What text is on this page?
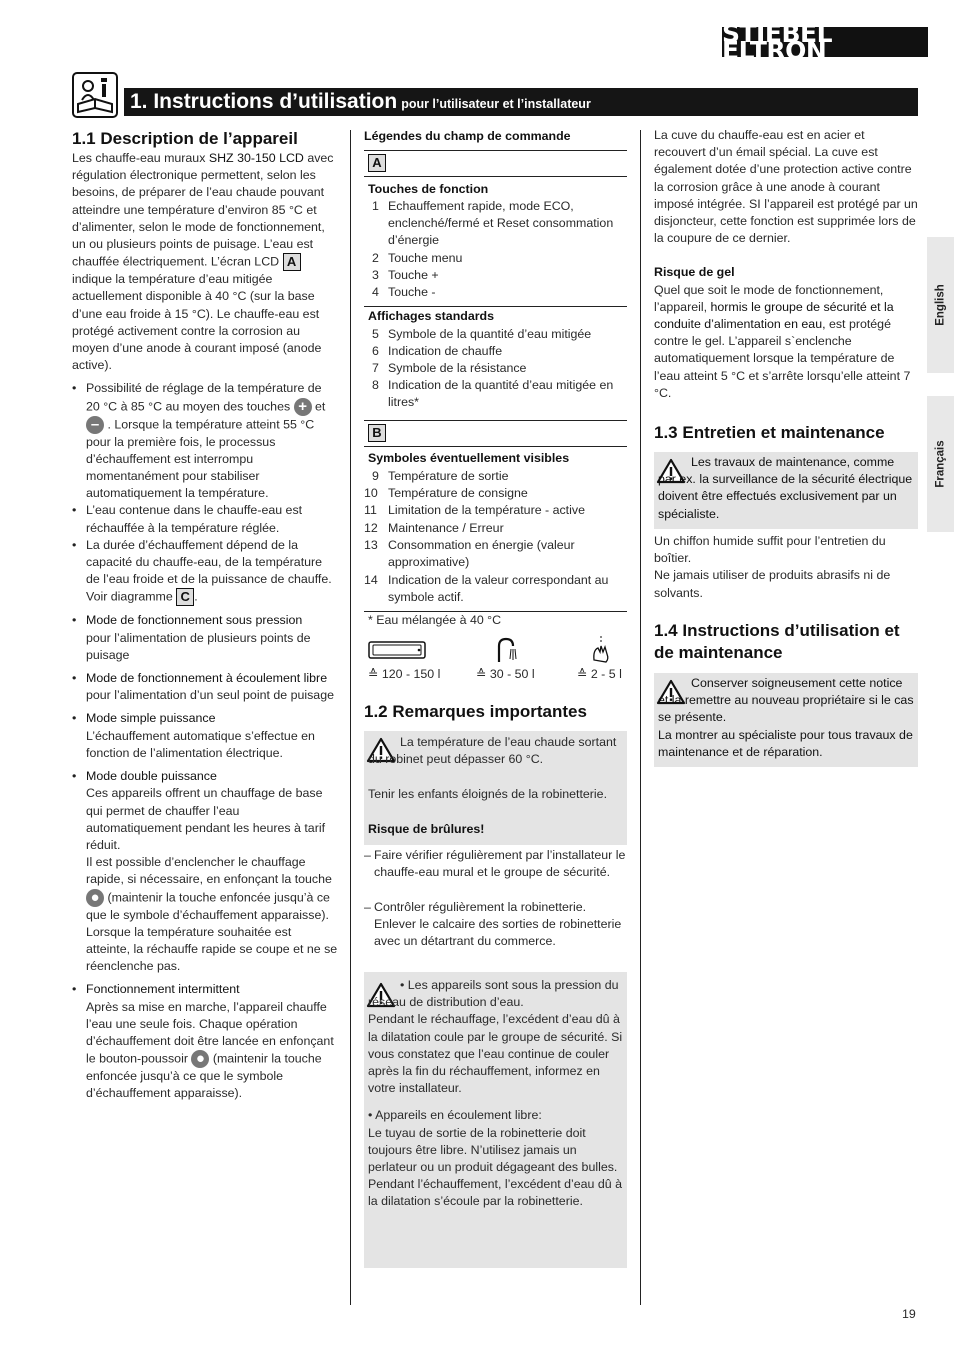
STIEBEL ELTRON
1. Instructions d’utilisation pour l’utilisateur et l’installateur
English
Français
1.1 Description de l’appareil

Les chauffe-eau muraux SHZ 30-150 LCD avec régulation électronique permettent, selon les besoins, de préparer de l’eau chaude pouvant atteindre une température d’environ 85 °C et d’alimenter, selon le mode de fonctionnement, un ou plusieurs points de puisage. L’eau est chauffée électriquement. L’écran LCD A indique la température d’eau mitigée actuellement disponible à 40 °C (sur la base d’une eau froide à 15 °C). Le chauffe-eau est protégé activement contre la corrosion au moyen d’une anode à courant imposé (anode active).

• Possibilité de réglage de la température de 20 °C à 85 °C au moyen des touches + et – . Lorsque la température atteint 55 °C pour la première fois, le processus d’échauffement est interrompu momentanément pour stabiliser automatiquement la température.
• L’eau contenue dans le chauffe-eau est réchauffée à la température réglée.
• La durée d’échauffement dépend de la capacité du chauffe-eau, de la température de l’eau froide et de la puissance de chauffe. Voir diagramme C .
• Mode de fonctionnement sous pression
pour l’alimentation de plusieurs points de puisage
• Mode de fonctionnement à écoulement libre pour l’alimentation d’un seul point de puisage
• Mode simple puissance
L’échauffement automatique s’effectue en fonction de l’alimentation électrique.
• Mode double puissance
Ces appareils offrent un chauffage de base qui permet de chauffer l’eau automatiquement pendant les heures à tarif réduit.
Il est possible d’enclencher le chauffage rapide, si nécessaire, en enfonçant la touche ● (maintenir la touche enfoncée jusqu’à ce que le symbole d’échauffement apparaisse). Lorsque la température souhaitée est atteinte, la réchauffe rapide se coupe et ne se réenclenche pas.
• Fonctionnement intermittent
Après sa mise en marche, l’appareil chauffe l’eau une seule fois. Chaque opération d’échauffement doit être lancée en enfonçant le bouton-poussoir ● (maintenir la touche enfoncée jusqu’à ce que le symbole d’échauffement apparaisse).
Légendes du champ de commande
A
Touches de fonction
1 Echauffement rapide, mode ECO, enclenché/fermé et Reset consommation d’énergie
2 Touche menu
3 Touche +
4 Touche -
Affichages standards
5 Symbole de la quantité d’eau mitigée
6 Indication de chauffe
7 Symbole de la résistance
8 Indication de la quantité d’eau mitigée en litres*
B
Symboles éventuellement visibles
9 Température de sortie
10 Température de consigne
11 Limitation de la température - active
12 Maintenance / Erreur
13 Consommation en énergie (valeur approximative)
14 Indication de la valeur correspondant au symbole actif.
* Eau mélangée à 40 °C
≙ 120 - 150 l	≙ 30 - 50 l	≙ 2 - 5 l
1.2 Remarques importantes
La température de l’eau chaude sortant du robinet peut dépasser 60 °C.
Tenir les enfants éloignés de la robinetterie.
Risque de brûlures!
– Faire vérifier régulièrement par l’installateur le chauffe-eau mural et le groupe de sécurité.
– Contrôler régulièrement la robinetterie. Enlever le calcaire des sorties de robinetterie avec un détartrant du commerce.
• Les appareils sont sous la pression du réseau de distribution d’eau.
Pendant le réchauffage, l’excédent d’eau dû à la dilatation coule par le groupe de sécurité. Si vous constatez que l’eau continue de couler après la fin du réchauffement, informez en votre installateur.
• Appareils en écoulement libre:
Le tuyau de sortie de la robinetterie doit toujours être libre. N’utilisez jamais un perlateur ou un produit dégageant des bulles.
Pendant l’échauffement, l’excédent d’eau dû à la dilatation s’écoule par la robinetterie.

La cuve du chauffe-eau est en acier et recouvert d’un émail spécial. La cuve est également dotée d’une protection active contre la corrosion grâce à une anode à courant imposé intégrée. SI l’appareil est protégé par un disjoncteur, cette fonction est supprimée lors de la coupure de ce dernier.

Risque de gel

Quel que soit le mode de fonctionnement, l’appareil, hormis le groupe de sécurité et la conduite d’alimentation en eau, est protégé contre le gel. L’appareil s`enclenche automatiquement lorsque la température de l’eau atteint 5 °C et s’arrête lorsqu’elle atteint 7 °C.

1.3 Entretien et maintenance
Les travaux de maintenance, comme par ex. la surveillance de la sécurité électrique doivent être effectués exclusivement par un spécialiste.

Un chiffon humide suffit pour l’entretien du boîtier.

Ne jamais utiliser de produits abrasifs ni de solvants.

1.4 Instructions d’utilisation et de maintenance
Conserver soigneusement cette notice et la remettre au nouveau propriétaire si le cas se présente.
La montrer au spécialiste pour tous travaux de maintenance et de réparation.
19
